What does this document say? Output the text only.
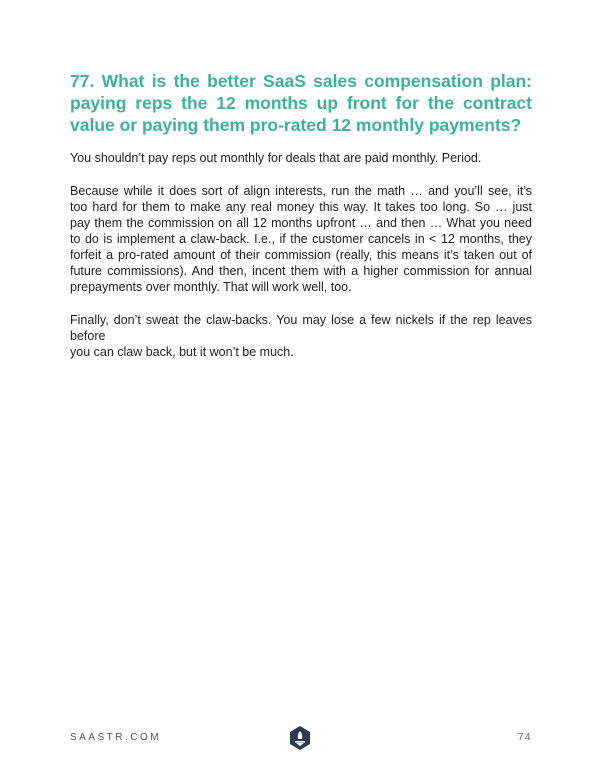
77. What is the better SaaS sales compensation plan:
paying reps the 12 months up front for the contract
value or paying them pro-rated 12 monthly payments?
You shouldn’t pay reps out monthly for deals that are paid monthly. Period.
Because while it does sort of align interests, run the math … and you’ll see, it’s
too hard for them to make any real money this way. It takes too long. So … just
pay them the commission on all 12 months upfront … and then … What you need
to do is implement a claw-back. I.e., if the customer cancels in < 12 months, they
forfeit a pro-rated amount of their commission (really, this means it’s taken out of
future commissions). And then, incent them with a higher commission for annual
prepayments over monthly. That will work well, too.
Finally, don’t sweat the claw-backs. You may lose a few nickels if the rep leaves before
you can claw back, but it won’t be much.
SAASTR.COM	74
